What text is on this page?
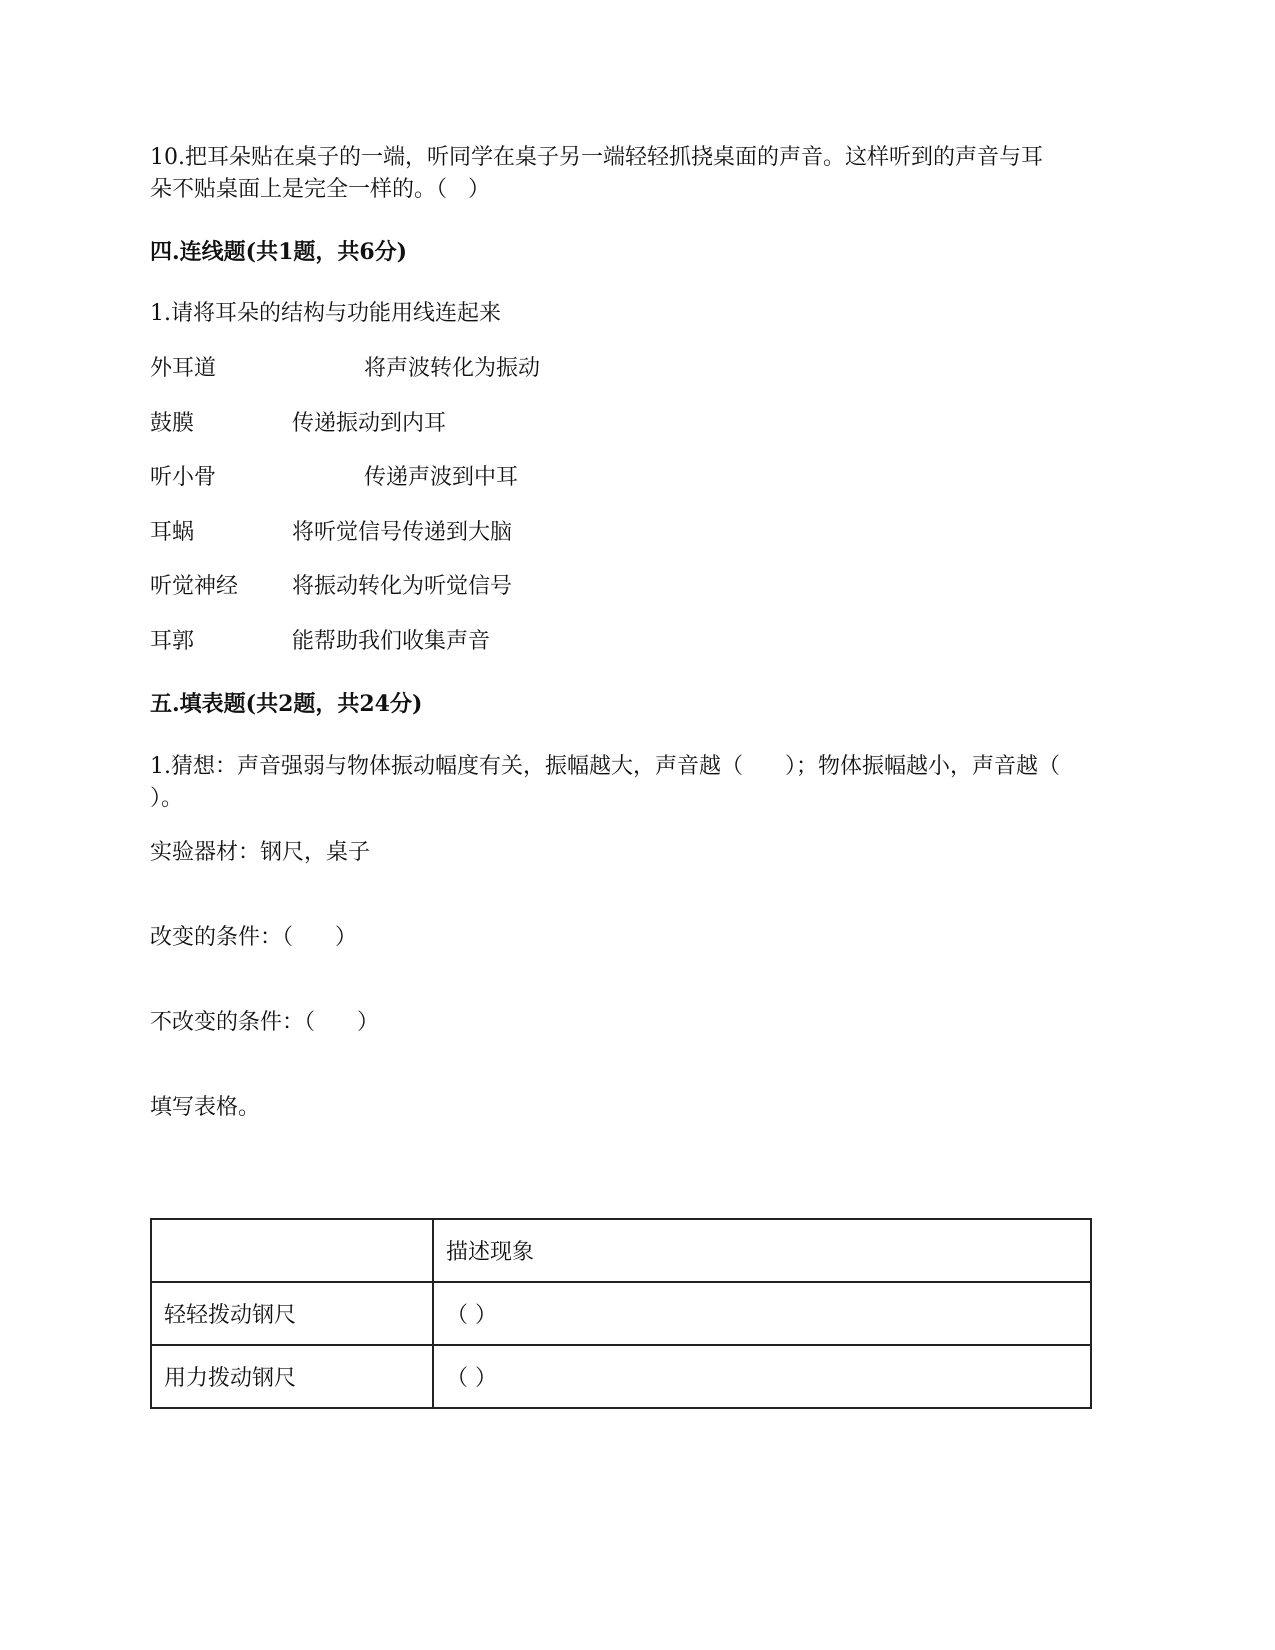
10.把耳朵贴在桌子的一端，听同学在桌子另一端轻轻抓挠桌面的声音。这样听到的声音与耳朵不贴桌面上是完全一样的。（   ）

四.连线题(共1题，共6分)

1.请将耳朵的结构与功能用线连起来

外耳道	将声波转化为振动
鼓膜	传递振动到内耳
听小骨	传递声波到中耳
耳蜗	将听觉信号传递到大脑
听觉神经 将振动转化为听觉信号
耳郭	能帮助我们收集声音

五.填表题(共2题，共24分)

1.猜想：声音强弱与物体振动幅度有关，振幅越大，声音越（      ）；物体振幅越小，声音越（      ）。

实验器材：钢尺，桌子

改变的条件：（      ）

不改变的条件：（      ）

填写表格。

	描述现象
轻轻拨动钢尺	（ ）
用力拨动钢尺	（ ）
